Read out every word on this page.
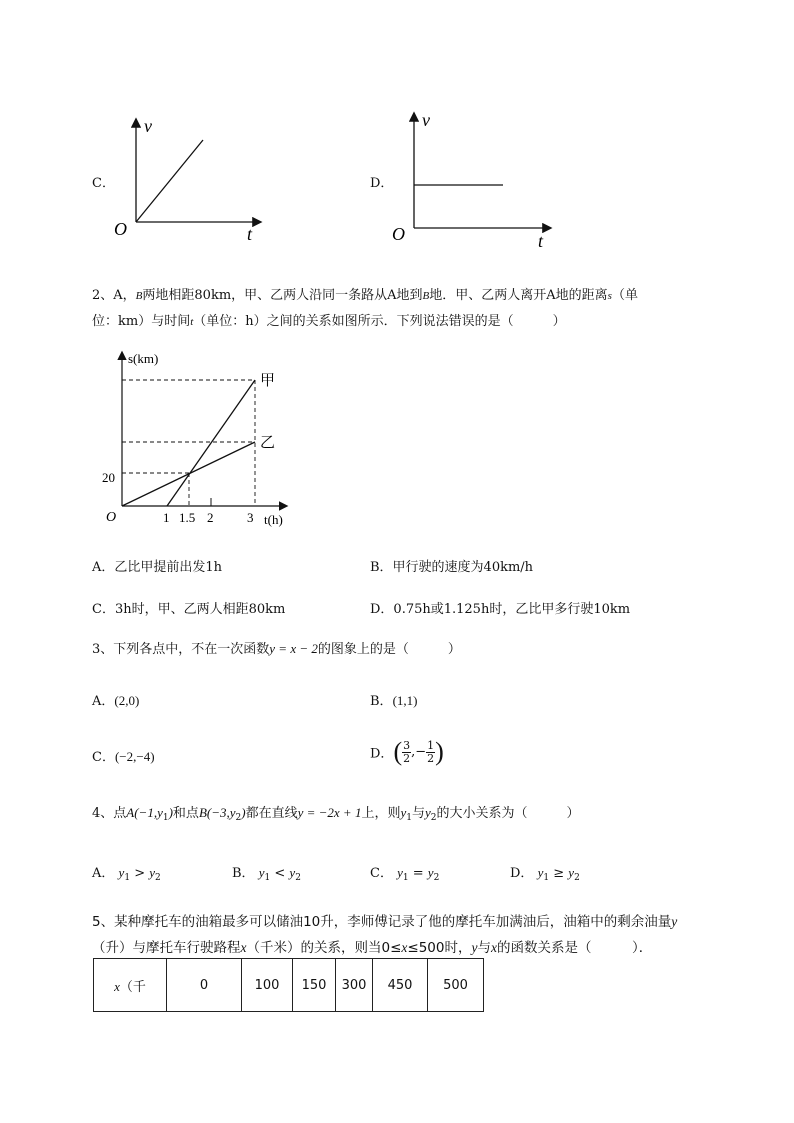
C．
v
t
O
D．
v
t
O
2、A，B两地相距80km，甲、乙两人沿同一条路从A地到B地．甲、乙两人离开A地的距离s（单
位：km）与时间t（单位：h）之间的关系如图所示．下列说法错误的是（　　　）
s(km)
t(h)
O
20
1 1.5 2	3
甲
乙
A．乙比甲提前出发1h	B．甲行驶的速度为40km/h
C．3h时，甲、乙两人相距80km	D．0.75h或1.125h时，乙比甲多行驶10km
3、下列各点中，不在一次函数y = x − 2的图象上的是（　　　）
A．(2,0)	B．(1,1)
C．(−2,−4)	D．( $\frac{3}{2}$ ,− $\frac{1}{2}$ )
4、点$A(-1,y_1)$和点$B(-3,y_2)$都在直线y = −2x + 1上，则$y_1$与$y_2$的大小关系为（　　　）
A． $y_1 > y_2$	B． $y_1 < y_2$	C． $y_1 = y_2$	D． $y_1 \ge y_2$
5、某种摩托车的油箱最多可以储油10升，李师傅记录了他的摩托车加满油后，油箱中的剩余油量y
（升）与摩托车行驶路程x（千米）的关系，则当0≤x≤500时，y与x的函数关系是（　　　）．
x（千	0	100	150	300	450	500
